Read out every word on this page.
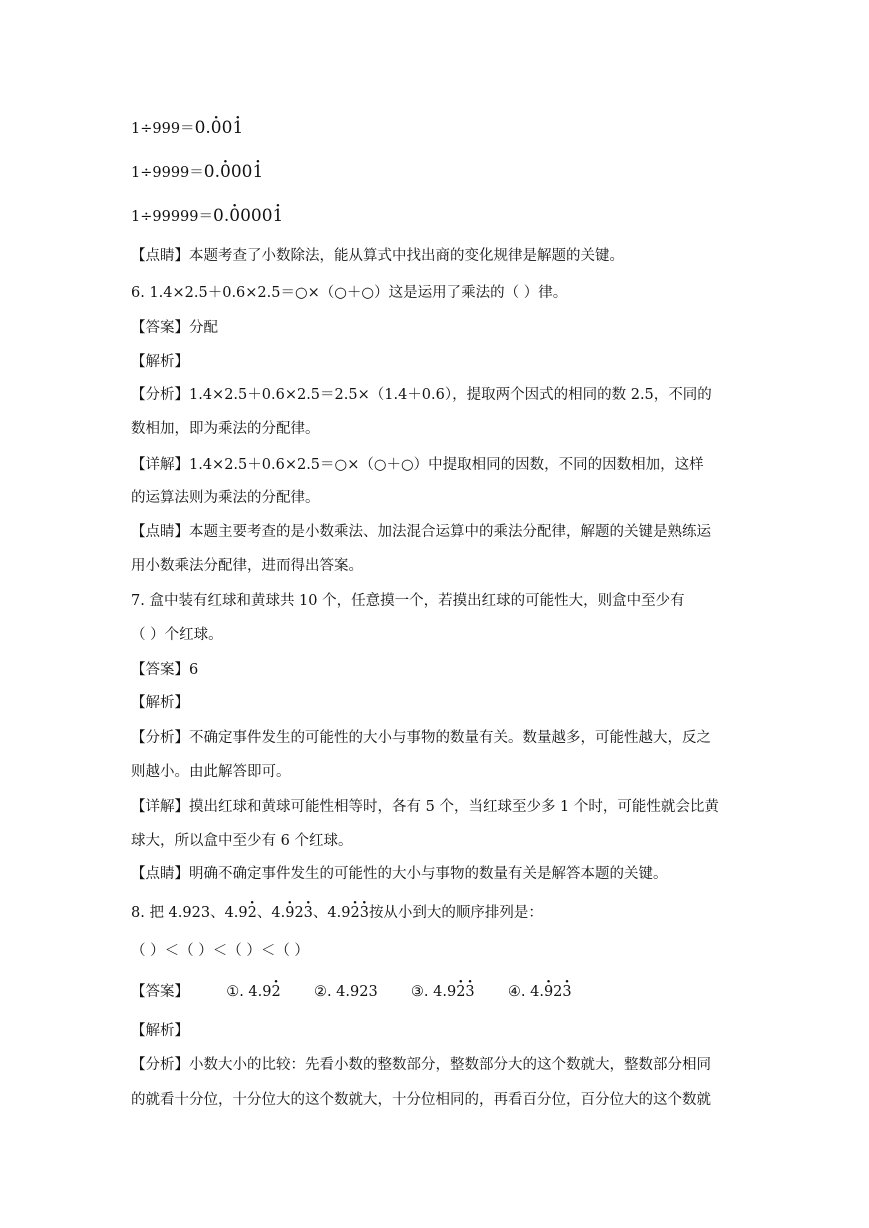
1÷999＝0.· 00· 1
1÷9999＝0.· 000· 1
1÷99999＝0.· 0000· 1
【点睛】本题考查了小数除法，能从算式中找出商的变化规律是解题的关键。
6. 1.4×2.5＋0.6×2.5＝○×（○＋○）这是运用了乘法的（ ）律。
【答案】分配
【解析】
【分析】1.4×2.5＋0.6×2.5＝2.5×（1.4＋0.6），提取两个因式的相同的数 2.5，不同的
数相加，即为乘法的分配律。
【详解】1.4×2.5＋0.6×2.5＝○×（○＋○）中提取相同的因数，不同的因数相加，这样
的运算法则为乘法的分配律。
【点睛】本题主要考查的是小数乘法、加法混合运算中的乘法分配律，解题的关键是熟练运
用小数乘法分配律，进而得出答案。
7. 盒中装有红球和黄球共 10 个，任意摸一个，若摸出红球的可能性大，则盒中至少有
（ ）个红球。
【答案】6
【解析】
【分析】不确定事件发生的可能性的大小与事物的数量有关。数量越多，可能性越大，反之
则越小。由此解答即可。
【详解】摸出红球和黄球可能性相等时，各有 5 个，当红球至少多 1 个时，可能性就会比黄
球大，所以盒中至少有 6 个红球。
【点睛】明确不确定事件发生的可能性的大小与事物的数量有关是解答本题的关键。
8. 把 4.923、4.9· 2、4.· 92· 3、4.9· 2· 3按从小到大的顺序排列是：
（ ）＜（ ）＜（ ）＜（ ）
【答案】	①. 4.9· 2 ②. 4.923 ③. 4.9· 2· 3 ④. 4.· 92· 3
【解析】
【分析】小数大小的比较：先看小数的整数部分，整数部分大的这个数就大，整数部分相同
的就看十分位，十分位大的这个数就大，十分位相同的，再看百分位，百分位大的这个数就
